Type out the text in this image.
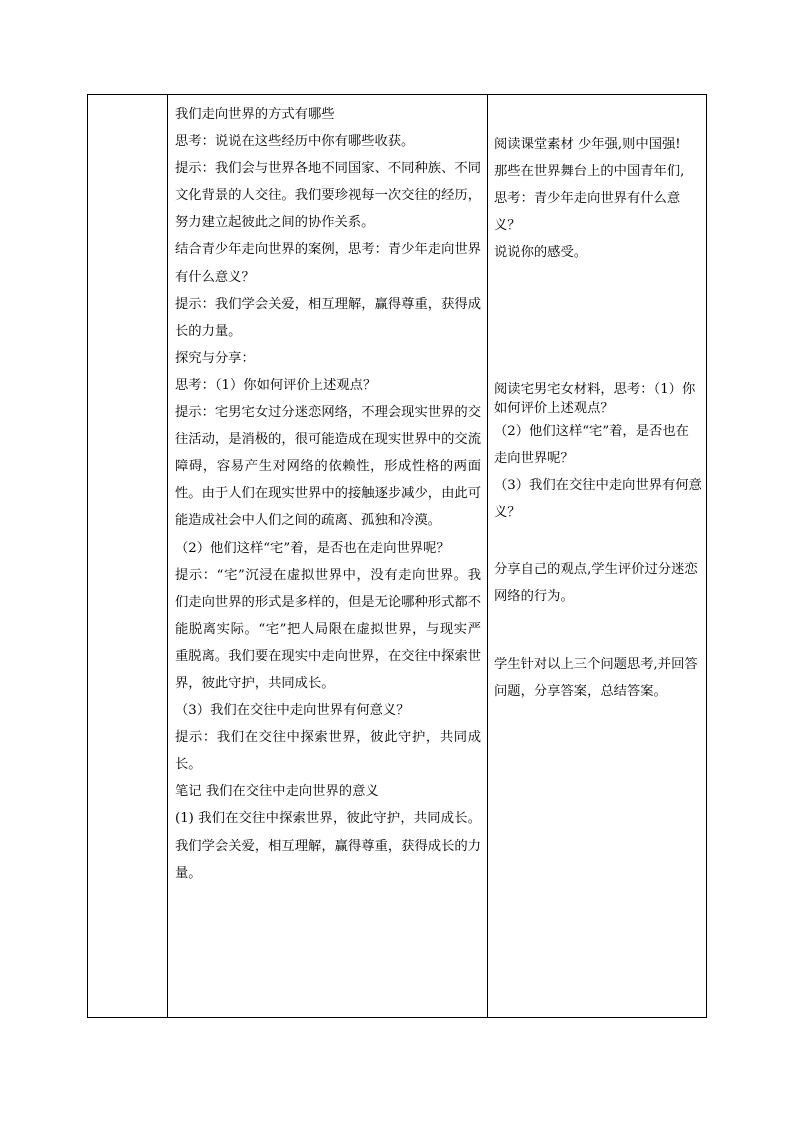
我们走向世界的方式有哪些

思考：说说在这些经历中你有哪些收获。

提示：我们会与世界各地不同国家、不同种族、不同文化背景的人交往。我们要珍视每一次交往的经历，努力建立起彼此之间的协作关系。

结合青少年走向世界的案例，思考：青少年走向世界有什么意义？

提示：我们学会关爱，相互理解，赢得尊重，获得成长的力量。

探究与分享：

思考：（1）你如何评价上述观点？

提示：宅男宅女过分迷恋网络，不理会现实世界的交往活动，是消极的，很可能造成在现实世界中的交流障碍，容易产生对网络的依赖性，形成性格的两面性。由于人们在现实世界中的接触逐步减少，由此可能造成社会中人们之间的疏离、孤独和冷漠。

（2）他们这样“宅”着，是否也在走向世界呢？

提示：“宅”沉浸在虚拟世界中，没有走向世界。我们走向世界的形式是多样的，但是无论哪种形式都不能脱离实际。“宅”把人局限在虚拟世界，与现实严重脱离。我们要在现实中走向世界，在交往中探索世界，彼此守护，共同成长。

（3）我们在交往中走向世界有何意义？

提示：我们在交往中探索世界，彼此守护，共同成长。

笔记 我们在交往中走向世界的意义

(1) 我们在交往中探索世界，彼此守护，共同成长。我们学会关爱，相互理解，赢得尊重，获得成长的力量。

阅读课堂素材 少年强,则中国强!

那些在世界舞台上的中国青年们,

思考：青少年走向世界有什么意义？

说说你的感受。

阅读宅男宅女材料，思考：（1）你如何评价上述观点？

（2）他们这样“宅”着，是否也在走向世界呢？

（3）我们在交往中走向世界有何意义？

分享自己的观点,学生评价过分迷恋网络的行为。

学生针对以上三个问题思考,并回答问题，分享答案，总结答案。
